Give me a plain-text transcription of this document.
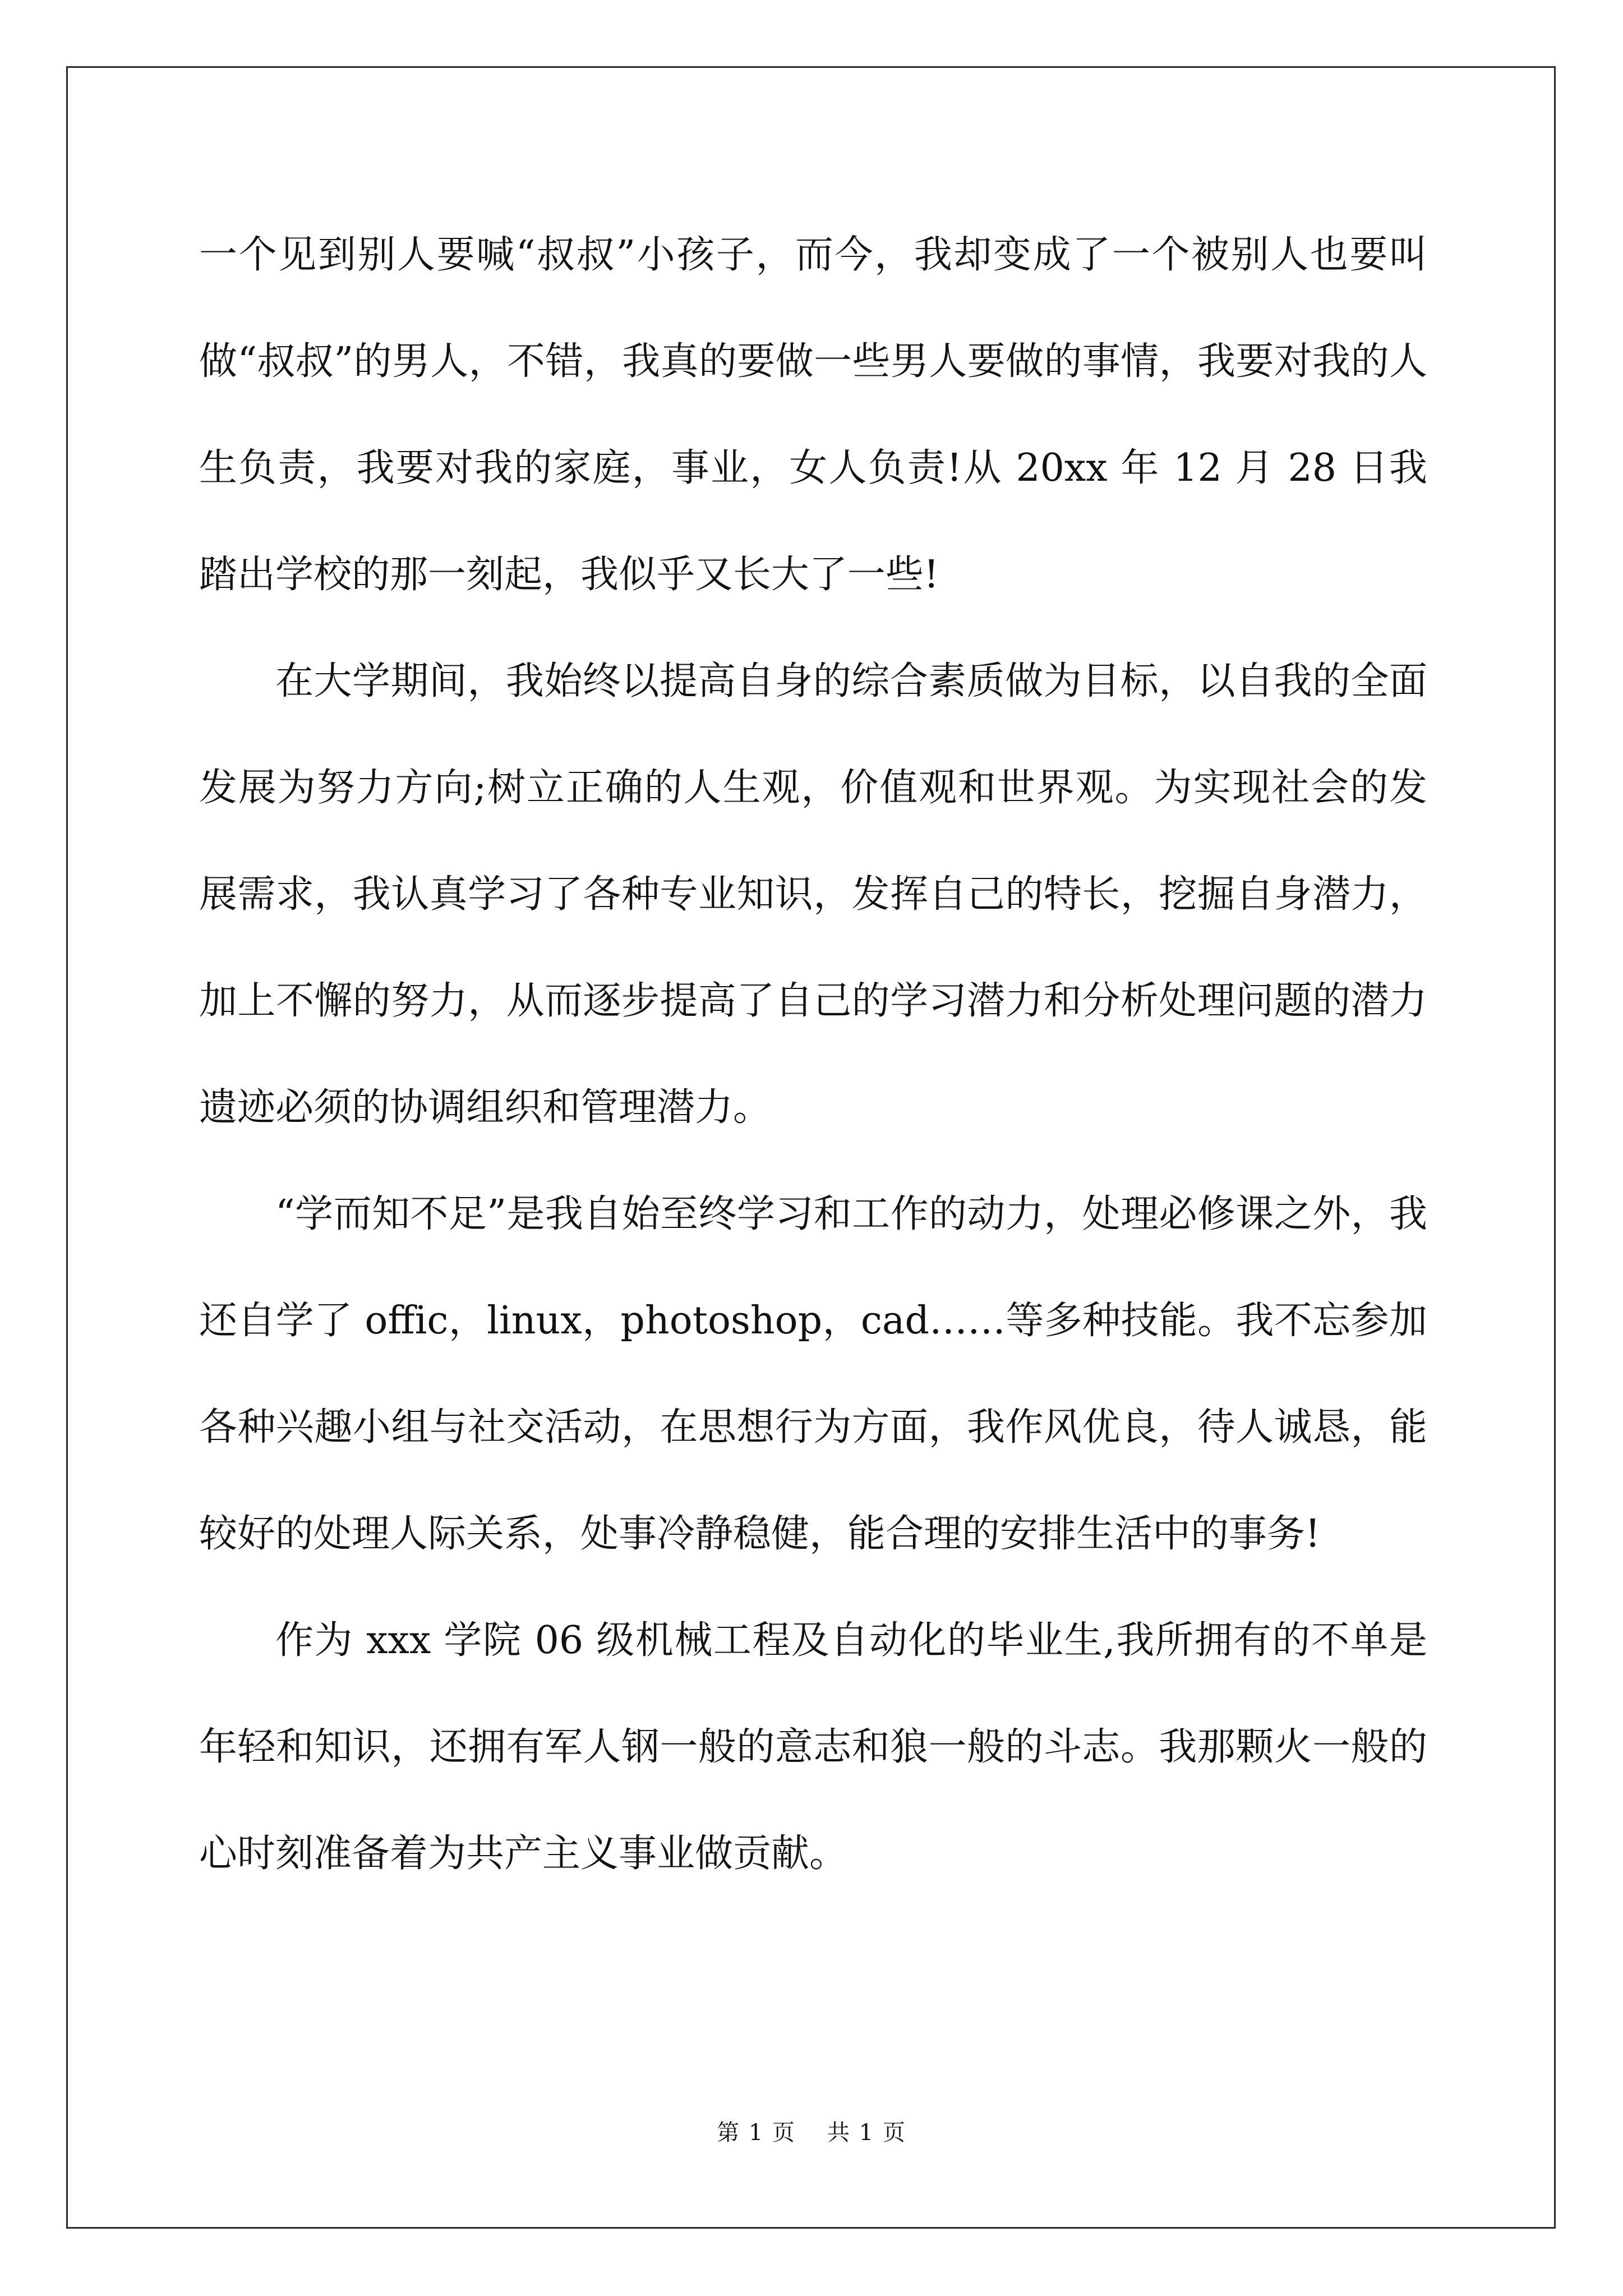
一个见到别人要喊“叔叔”小孩子，而今，我却变成了一个被别人也要叫做“叔叔”的男人，不错，我真的要做一些男人要做的事情，我要对我的人生负责，我要对我的家庭，事业，女人负责!从 20xx 年 12 月 28 日我踏出学校的那一刻起，我似乎又长大了一些!

在大学期间，我始终以提高自身的综合素质做为目标，以自我的全面发展为努力方向;树立正确的人生观，价值观和世界观。为实现社会的发展需求，我认真学习了各种专业知识，发挥自己的特长，挖掘自身潜力，加上不懈的努力，从而逐步提高了自己的学习潜力和分析处理问题的潜力遗迹必须的协调组织和管理潜力。

“学而知不足”是我自始至终学习和工作的动力，处理必修课之外，我还自学了 offic，linux，photoshop，cad……等多种技能。我不忘参加各种兴趣小组与社交活动，在思想行为方面，我作风优良，待人诚恳，能较好的处理人际关系，处事冷静稳健，能合理的安排生活中的事务!

作为 xxx 学院 06 级机械工程及自动化的毕业生,我所拥有的不单是年轻和知识，还拥有军人钢一般的意志和狼一般的斗志。我那颗火一般的心时刻准备着为共产主义事业做贡献。

第 1 页 共 1 页
